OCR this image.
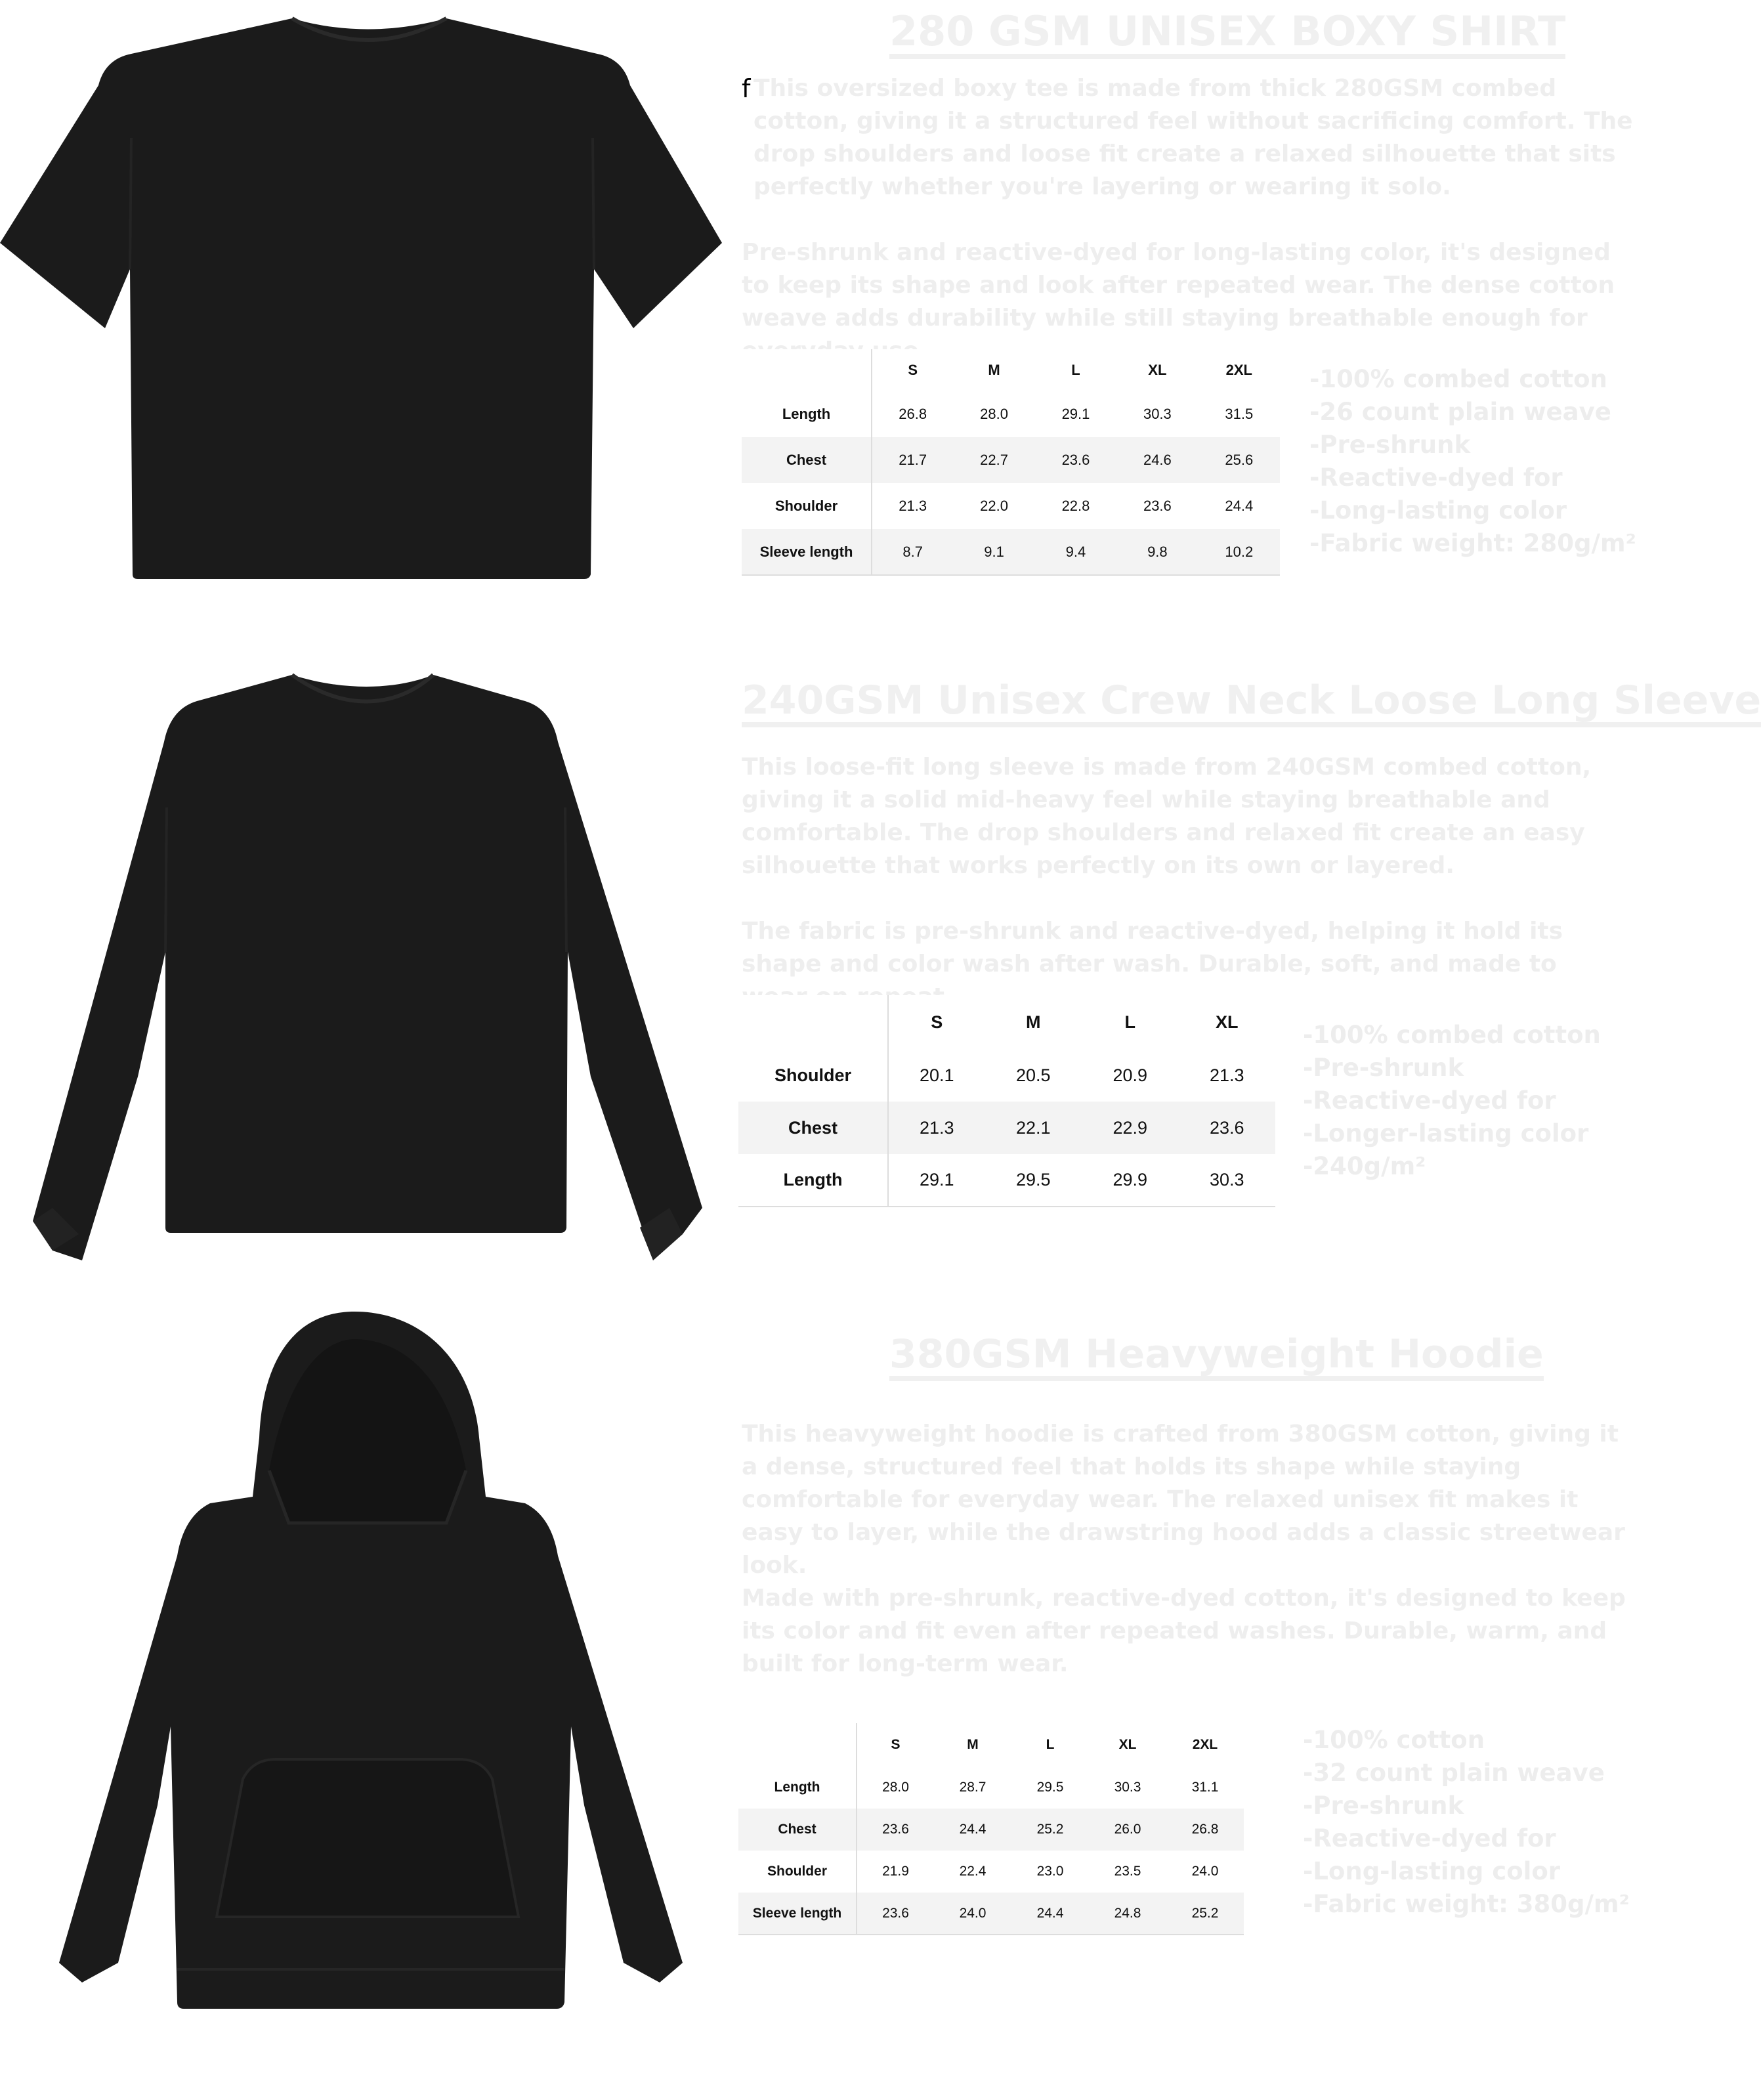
280 GSM UNISEX BOXY SHIRT
f This oversized boxy tee is made from thick 280GSM combed cotton, giving it a structured feel without sacrificing comfort. The drop shoulders and loose fit create a relaxed silhouette that sits perfectly whether you're layering or wearing it solo.

Pre-shrunk and reactive-dyed for long-lasting color, it's designed to keep its shape and look after repeated wear. The dense cotton weave adds durability while still staying breathable enough for everyday use.

	S	M	L	XL	2XL
Length	26.8	28.0	29.1	30.3	31.5
Chest	21.7	22.7	23.6	24.6	25.6
Shoulder	21.3	22.0	22.8	23.6	24.4
Sleeve length	8.7	9.1	9.4	9.8	10.2
-100% combed cotton
-26 count plain weave
-Pre-shrunk
-Reactive-dyed for
-Long-lasting color
-Fabric weight: 280g/m²
240GSM Unisex Crew Neck Loose Long Sleeve

This loose-fit long sleeve is made from 240GSM combed cotton, giving it a solid mid-heavy feel while staying breathable and comfortable. The drop shoulders and relaxed fit create an easy silhouette that works perfectly on its own or layered.

The fabric is pre-shrunk and reactive-dyed, helping it hold its shape and color wash after wash. Durable, soft, and made to wear on repeat.

	S	M	L	XL
Shoulder	20.1	20.5	20.9	21.3
Chest	21.3	22.1	22.9	23.6
Length	29.1	29.5	29.9	30.3
-100% combed cotton
-Pre-shrunk
-Reactive-dyed for
-Longer-lasting color
-240g/m²
380GSM Heavyweight Hoodie

This heavyweight hoodie is crafted from 380GSM cotton, giving it a dense, structured feel that holds its shape while staying comfortable for everyday wear. The relaxed unisex fit makes it easy to layer, while the drawstring hood adds a classic streetwear look.

Made with pre-shrunk, reactive-dyed cotton, it's designed to keep its color and fit even after repeated washes. Durable, warm, and built for long-term wear.

	S	M	L	XL	2XL
Length	28.0	28.7	29.5	30.3	31.1
Chest	23.6	24.4	25.2	26.0	26.8
Shoulder	21.9	22.4	23.0	23.5	24.0
Sleeve length	23.6	24.0	24.4	24.8	25.2
-100% cotton
-32 count plain weave
-Pre-shrunk
-Reactive-dyed for
-Long-lasting color
-Fabric weight: 380g/m²
